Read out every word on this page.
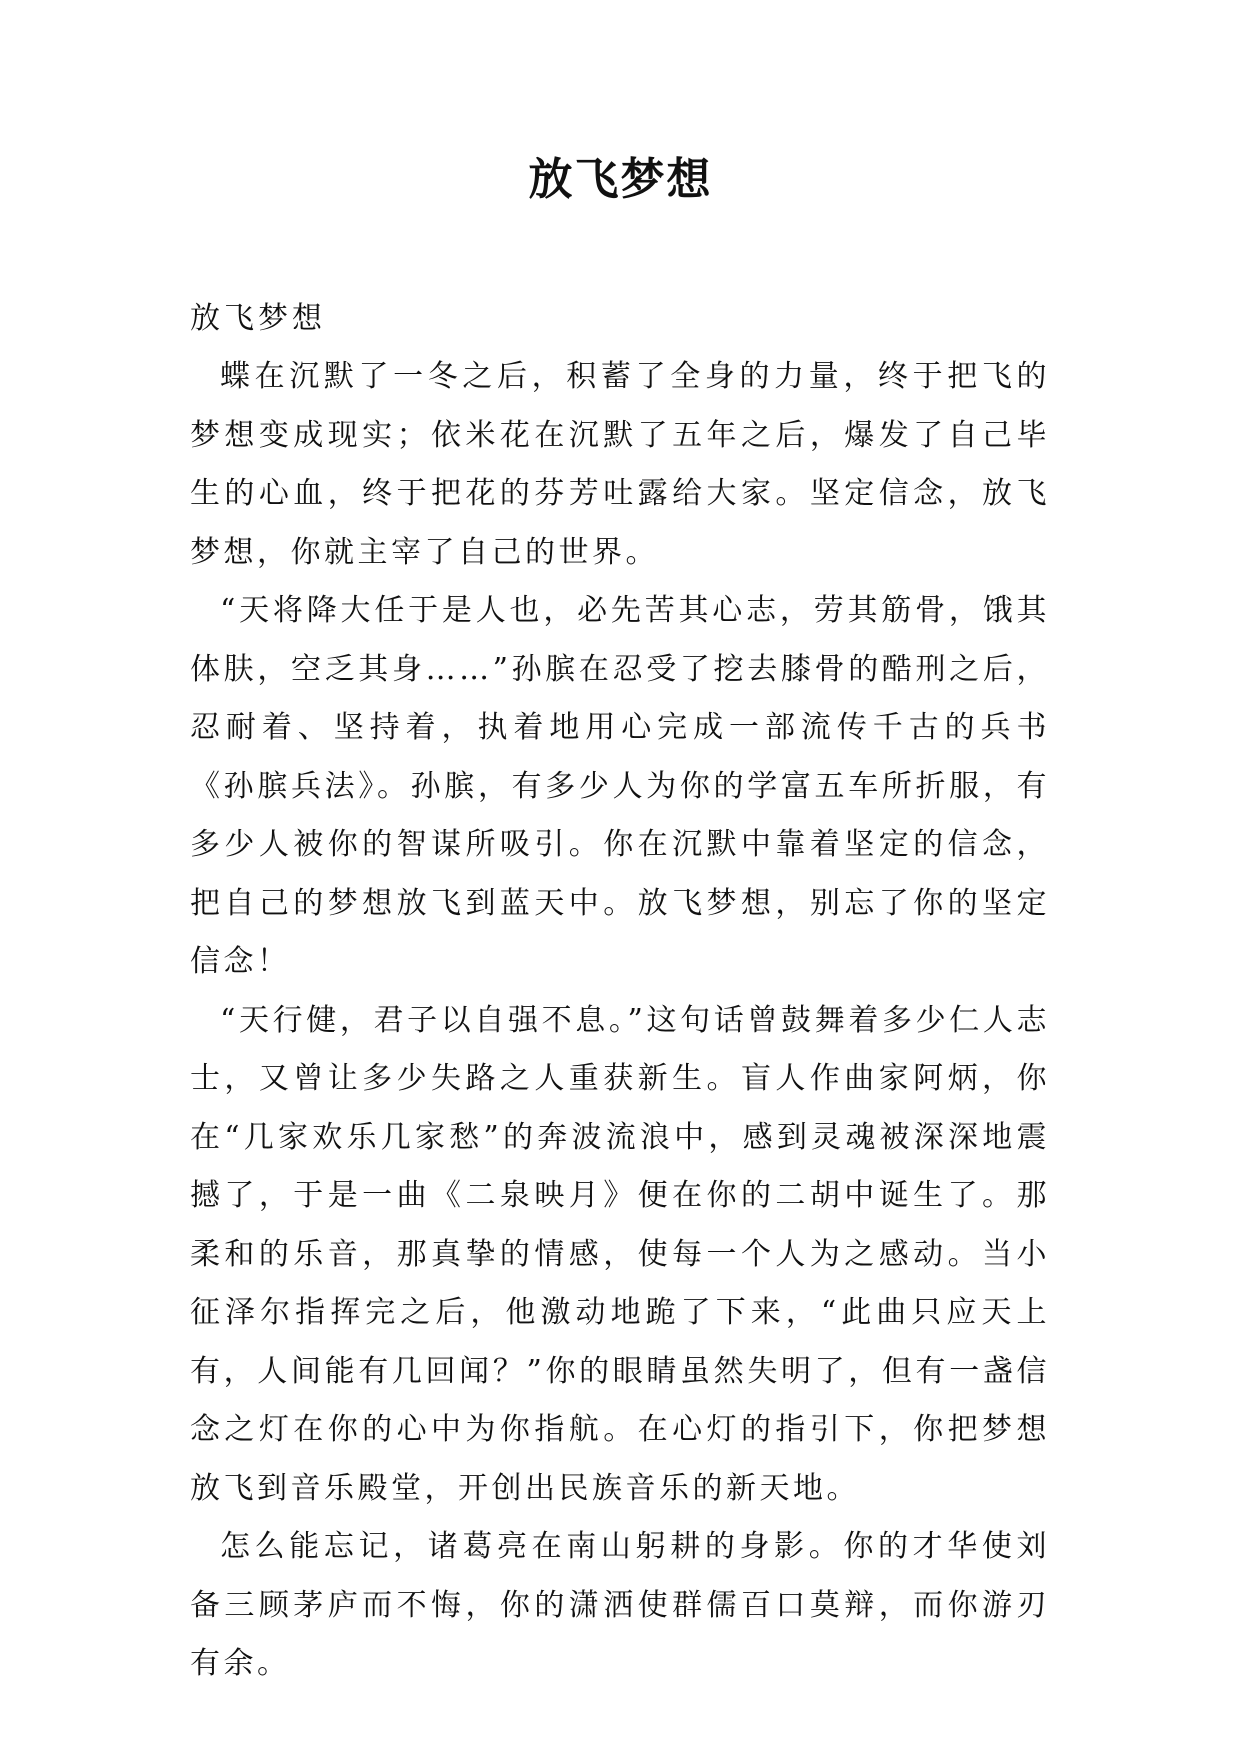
放飞梦想

放飞梦想

蝶在沉默了一冬之后，积蓄了全身的力量，终于把飞的梦想变成现实；依米花在沉默了五年之后，爆发了自己毕生的心血，终于把花的芬芳吐露给大家。坚定信念，放飞梦想，你就主宰了自己的世界。

“天将降大任于是人也，必先苦其心志，劳其筋骨，饿其体肤，空乏其身……”孙膑在忍受了挖去膝骨的酷刑之后，忍耐着、坚持着，执着地用心完成一部流传千古的兵书《孙膑兵法》。孙膑，有多少人为你的学富五车所折服，有多少人被你的智谋所吸引。你在沉默中靠着坚定的信念，把自己的梦想放飞到蓝天中。放飞梦想，别忘了你的坚定信念！

“天行健，君子以自强不息。”这句话曾鼓舞着多少仁人志士，又曾让多少失路之人重获新生。盲人作曲家阿炳，你在“几家欢乐几家愁”的奔波流浪中，感到灵魂被深深地震撼了，于是一曲《二泉映月》便在你的二胡中诞生了。那柔和的乐音，那真挚的情感，使每一个人为之感动。当小征泽尔指挥完之后，他激动地跪了下来，“此曲只应天上有，人间能有几回闻？”你的眼睛虽然失明了，但有一盏信念之灯在你的心中为你指航。在心灯的指引下，你把梦想放飞到音乐殿堂，开创出民族音乐的新天地。

怎么能忘记，诸葛亮在南山躬耕的身影。你的才华使刘备三顾茅庐而不悔，你的潇洒使群儒百口莫辩，而你游刃有余。
